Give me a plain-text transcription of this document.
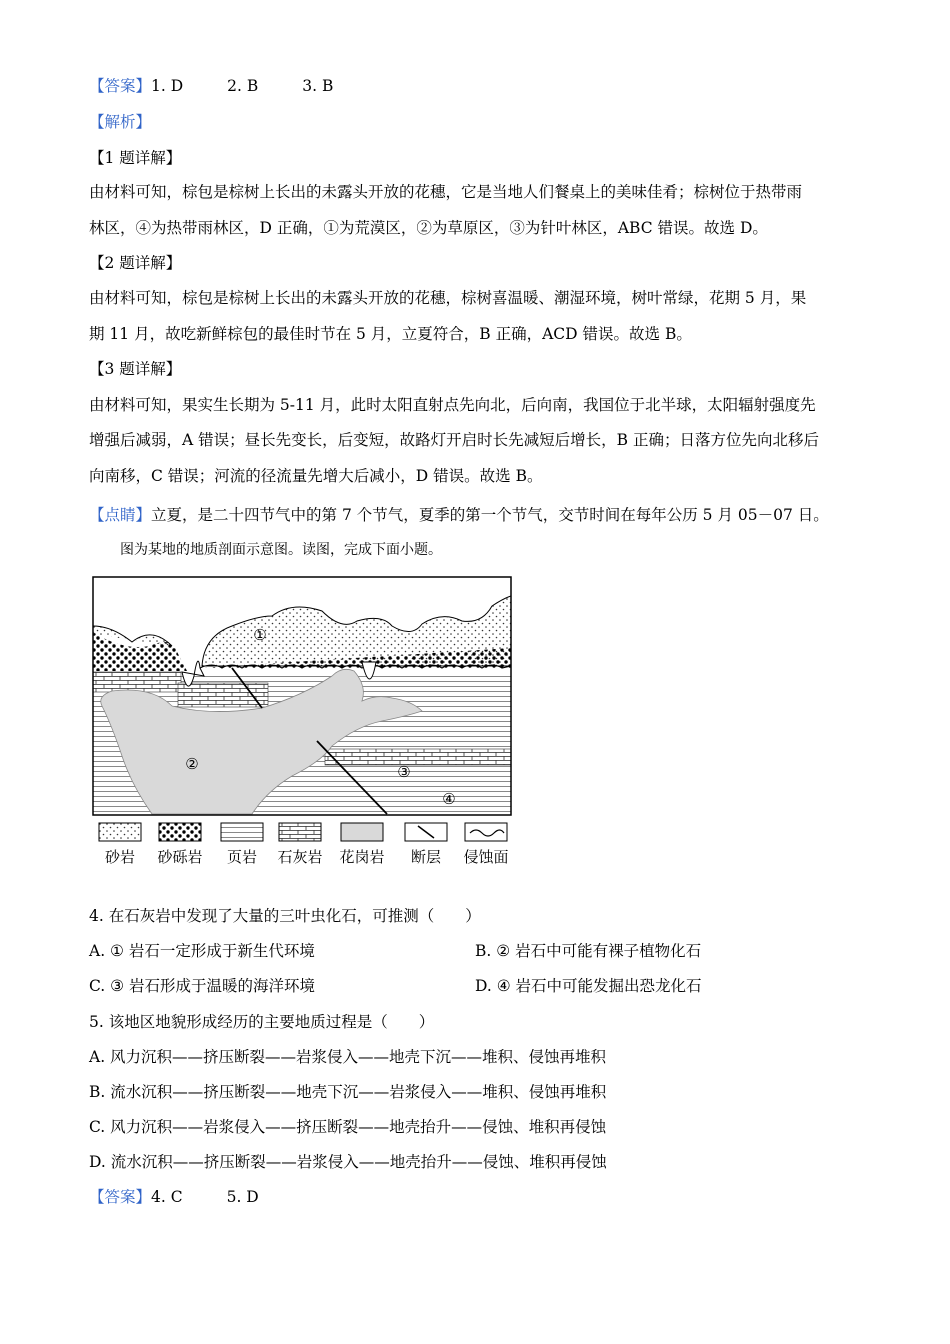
【答案】1. D	2. B	3. B
【解析】
【1 题详解】
由材料可知，棕包是棕树上长出的未露头开放的花穗，它是当地人们餐桌上的美味佳肴；棕树位于热带雨
林区，④为热带雨林区，D 正确，①为荒漠区，②为草原区，③为针叶林区，ABC 错误。故选 D。
【2 题详解】
由材料可知，棕包是棕树上长出的未露头开放的花穗，棕树喜温暖、潮湿环境，树叶常绿，花期 5 月，果
期 11 月，故吃新鲜棕包的最佳时节在 5 月，立夏符合，B 正确，ACD 错误。故选 B。
【3 题详解】
由材料可知，果实生长期为 5-11 月，此时太阳直射点先向北，后向南，我国位于北半球，太阳辐射强度先
增强后减弱，A 错误；昼长先变长，后变短，故路灯开启时长先减短后增长，B 正确；日落方位先向北移后
向南移，C 错误；河流的径流量先增大后减小，D 错误。故选 B。
【点睛】立夏，是二十四节气中的第 7 个节气，夏季的第一个节气，交节时间在每年公历 5 月 05－07 日。
图为某地的地质剖面示意图。读图，完成下面小题。
①
②	③
④
砂岩	砂砾岩	页岩	石灰岩	花岗岩	断层	侵蚀面
4. 在石灰岩中发现了大量的三叶虫化石，可推测（　　）
A. ① 岩石一定形成于新生代环境	B. ② 岩石中可能有裸子植物化石
C. ③ 岩石形成于温暖的海洋环境	D. ④ 岩石中可能发掘出恐龙化石
5. 该地区地貌形成经历的主要地质过程是（　　）
A. 风力沉积——挤压断裂——岩浆侵入——地壳下沉——堆积、侵蚀再堆积
B. 流水沉积——挤压断裂——地壳下沉——岩浆侵入——堆积、侵蚀再堆积
C. 风力沉积——岩浆侵入——挤压断裂——地壳抬升——侵蚀、堆积再侵蚀
D. 流水沉积——挤压断裂——岩浆侵入——地壳抬升——侵蚀、堆积再侵蚀
【答案】4. C	5. D
